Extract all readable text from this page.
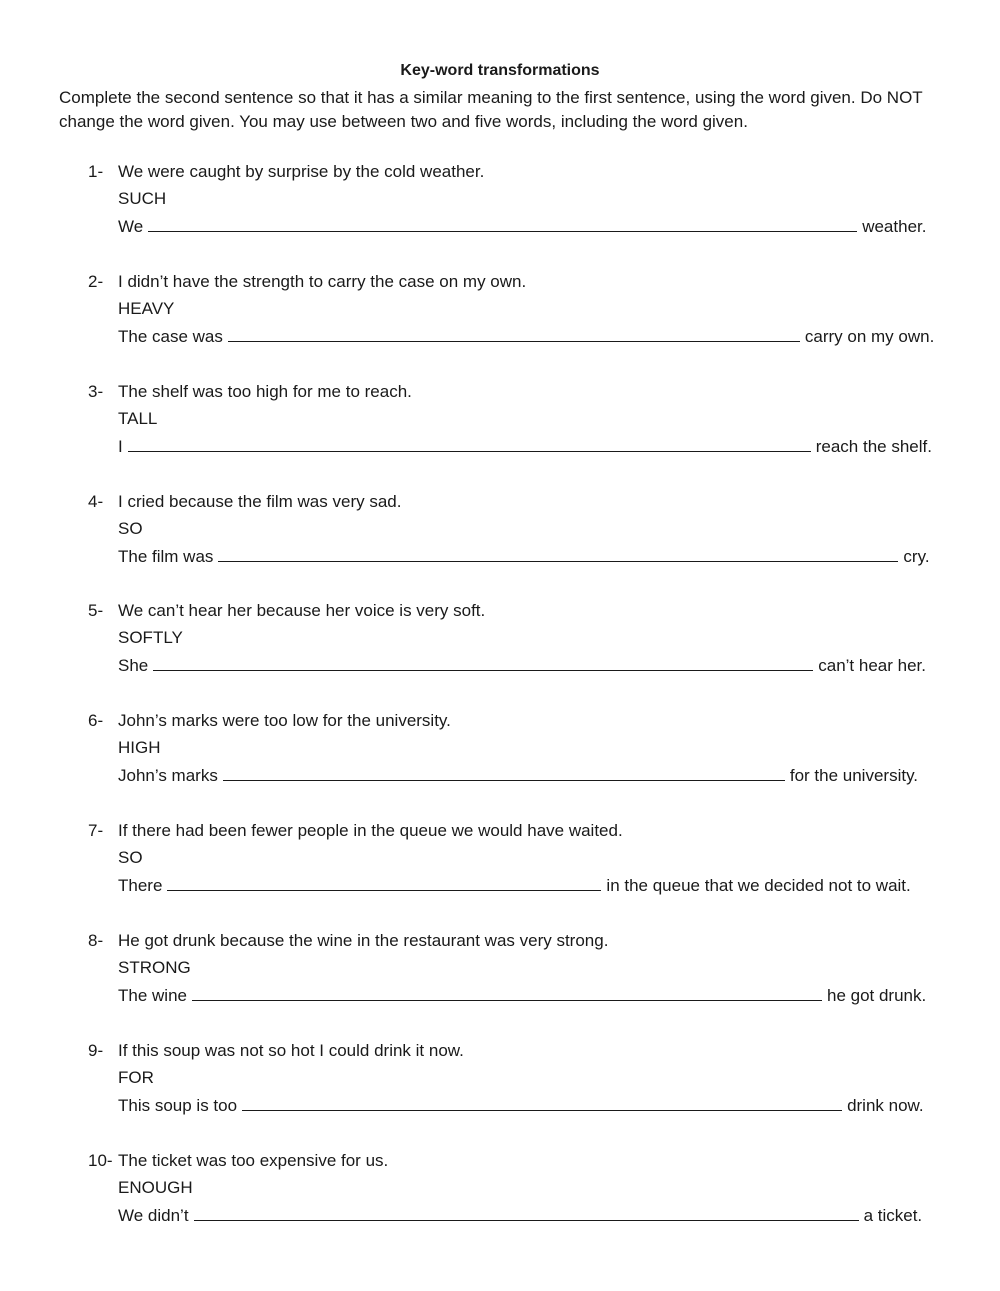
Key-word transformations
Complete the second sentence so that it has a similar meaning to the first sentence, using the word given. Do NOT change the word given. You may use between two and five words, including the word given.
1- We were caught by surprise by the cold weather.
SUCH
We	weather.
2- I didn’t have the strength to carry the case on my own.
HEAVY
The case was	carry on my own.
3- The shelf was too high for me to reach.
TALL
I	reach the shelf.
4- I cried because the film was very sad.
SO
The film was	cry.
5- We can’t hear her because her voice is very soft.
SOFTLY
She	can’t hear her.
6- John’s marks were too low for the university.
HIGH
John’s marks	for the university.
7- If there had been fewer people in the queue we would have waited.
SO
There	in the queue that we decided not to wait.
8- He got drunk because the wine in the restaurant was very strong.
STRONG
The wine	he got drunk.
9- If this soup was not so hot I could drink it now.
FOR
This soup is too	drink now.
10- The ticket was too expensive for us.
ENOUGH
We didn’t	a ticket.
